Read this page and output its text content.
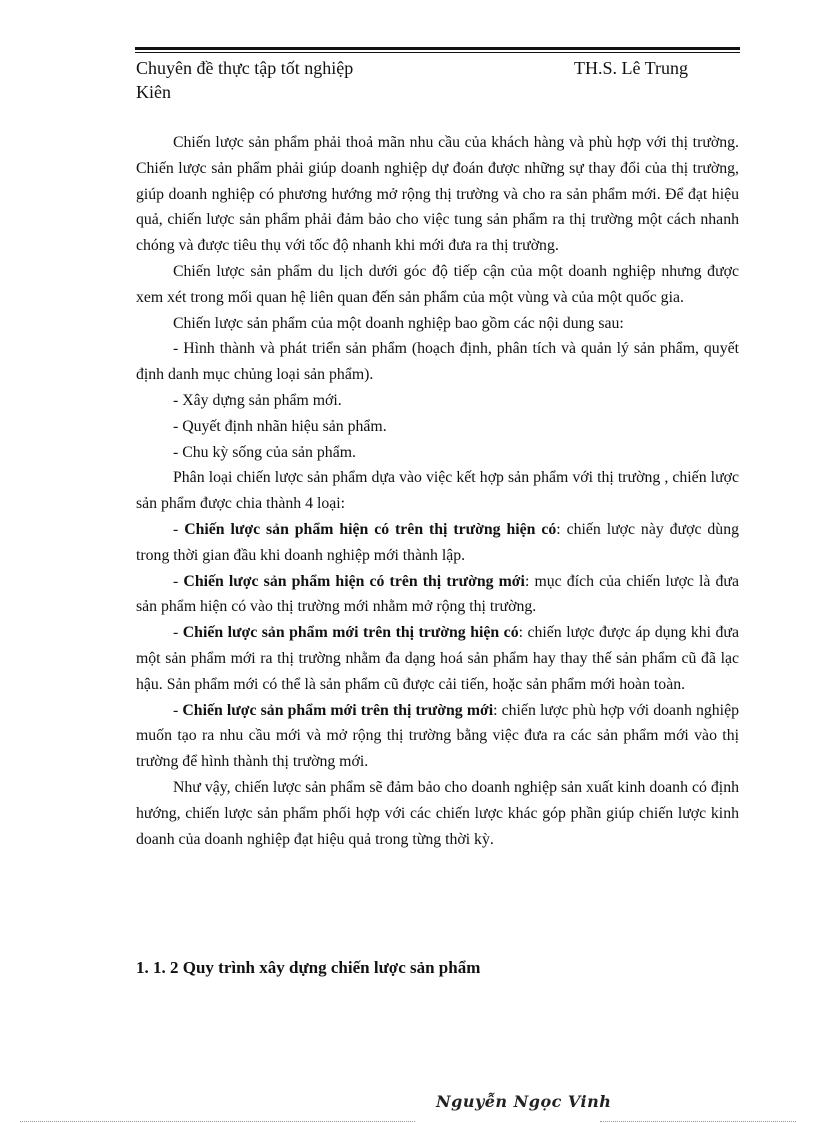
Chuyên đề thực tập tốt nghiệp	TH.S. Lê Trung
Kiên

Chiến lược sản phẩm phải thoả mãn nhu cầu của khách hàng và phù hợp với thị trường. Chiến lược sản phẩm phải giúp doanh nghiệp dự đoán được những sự thay đổi của thị trường, giúp doanh nghiệp có phương hướng mở rộng thị trường và cho ra sản phẩm mới. Để đạt hiệu quả, chiến lược sản phẩm phải đảm bảo cho việc tung sản phẩm ra thị trường một cách nhanh chóng và được tiêu thụ với tốc độ nhanh khi mới đưa ra thị trường.

Chiến lược sản phẩm du lịch dưới góc độ tiếp cận của một doanh nghiệp nhưng được xem xét trong mối quan hệ liên quan đến sản phẩm của một vùng và của một quốc gia.

Chiến lược sản phẩm của một doanh nghiệp bao gồm các nội dung sau:

- Hình thành và phát triển sản phẩm (hoạch định, phân tích và quản lý sản phẩm, quyết định danh mục chủng loại sản phẩm).

- Xây dựng sản phẩm mới.

- Quyết định nhãn hiệu sản phẩm.

- Chu kỳ sống của sản phẩm.

Phân loại chiến lược sản phẩm dựa vào việc kết hợp sản phẩm với thị trường , chiến lược sản phẩm được chia thành 4 loại:

- Chiến lược sản phẩm hiện có trên thị trường hiện có: chiến lược này được dùng trong thời gian đầu khi doanh nghiệp mới thành lập.

- Chiến lược sản phẩm hiện có trên thị trường mới: mục đích của chiến lược là đưa sản phẩm hiện có vào thị trường mới nhằm mở rộng thị trường.

- Chiến lược sản phẩm mới trên thị trường hiện có: chiến lược được áp dụng khi đưa một sản phẩm mới ra thị trường nhằm đa dạng hoá sản phẩm hay thay thế sản phẩm cũ đã lạc hậu. Sản phẩm mới có thể là sản phẩm cũ được cải tiến, hoặc sản phẩm mới hoàn toàn.

- Chiến lược sản phẩm mới trên thị trường mới: chiến lược phù hợp với doanh nghiệp muốn tạo ra nhu cầu mới và mở rộng thị trường bằng việc đưa ra các sản phẩm mới vào thị trường để hình thành thị trường mới.

Như vậy, chiến lược sản phẩm sẽ đảm bảo cho doanh nghiệp sản xuất kinh doanh có định hướng, chiến lược sản phẩm phối hợp với các chiến lược khác góp phần giúp chiến lược kinh doanh của doanh nghiệp đạt hiệu quả trong từng thời kỳ.

1. 1. 2 Quy trình xây dựng chiến lược sản phẩm
Nguyễn Ngọc Vinh
